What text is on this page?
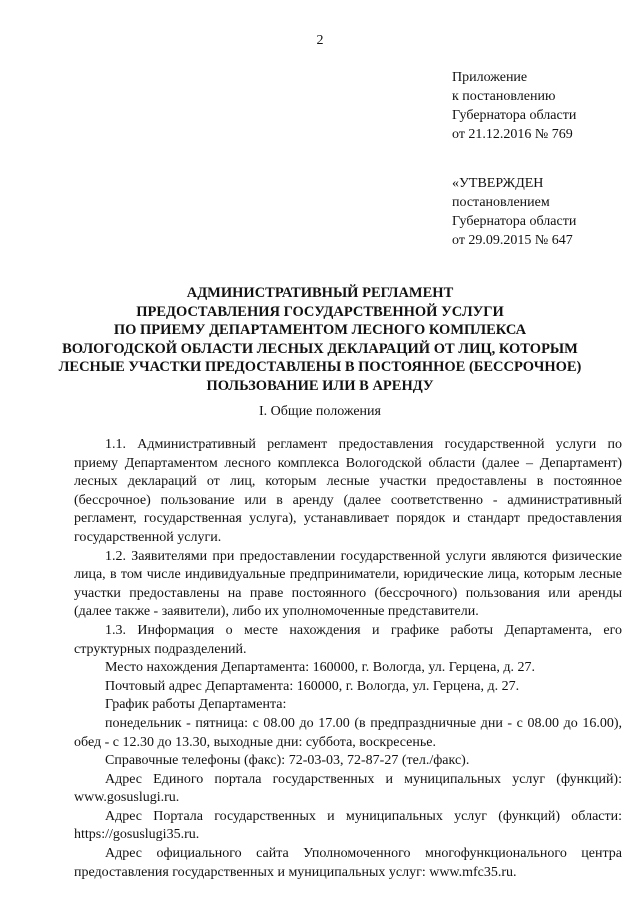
2
Приложение
к постановлению
Губернатора области
от 21.12.2016 № 769
«УТВЕРЖДЕН
постановлением
Губернатора области
от 29.09.2015 № 647
АДМИНИСТРАТИВНЫЙ РЕГЛАМЕНТ
ПРЕДОСТАВЛЕНИЯ ГОСУДАРСТВЕННОЙ УСЛУГИ
ПО ПРИЕМУ ДЕПАРТАМЕНТОМ ЛЕСНОГО КОМПЛЕКСА
ВОЛОГОДСКОЙ ОБЛАСТИ ЛЕСНЫХ ДЕКЛАРАЦИЙ ОТ ЛИЦ, КОТОРЫМ
ЛЕСНЫЕ УЧАСТКИ ПРЕДОСТАВЛЕНЫ В ПОСТОЯННОЕ (БЕССРОЧНОЕ)
ПОЛЬЗОВАНИЕ ИЛИ В АРЕНДУ
I. Общие положения

1.1. Административный регламент предоставления государственной услуги по приему Департаментом лесного комплекса Вологодской области (далее – Департамент) лесных деклараций от лиц, которым лесные участки предоставлены в постоянное (бессрочное) пользование или в аренду (далее соответственно - административный регламент, государственная услуга), устанавливает порядок и стандарт предоставления государственной услуги.

1.2. Заявителями при предоставлении государственной услуги являются физические лица, в том числе индивидуальные предприниматели, юридические лица, которым лесные участки предоставлены на праве постоянного (бессрочного) пользования или аренды (далее также - заявители), либо их уполномоченные представители.

1.3. Информация о месте нахождения и графике работы Департамента, его структурных подразделений.

Место нахождения Департамента: 160000, г. Вологда, ул. Герцена, д. 27.

Почтовый адрес Департамента: 160000, г. Вологда, ул. Герцена, д. 27.

График работы Департамента:

понедельник - пятница: с 08.00 до 17.00 (в предпраздничные дни - с 08.00 до 16.00), обед - с 12.30 до 13.30, выходные дни: суббота, воскресенье.

Справочные телефоны (факс): 72-03-03, 72-87-27 (тел./факс).

Адрес Единого портала государственных и муниципальных услуг (функций): www.gosuslugi.ru.

Адрес Портала государственных и муниципальных услуг (функций) области: https://gosuslugi35.ru.

Адрес официального сайта Уполномоченного многофункционального центра предоставления государственных и муниципальных услуг: www.mfc35.ru.
